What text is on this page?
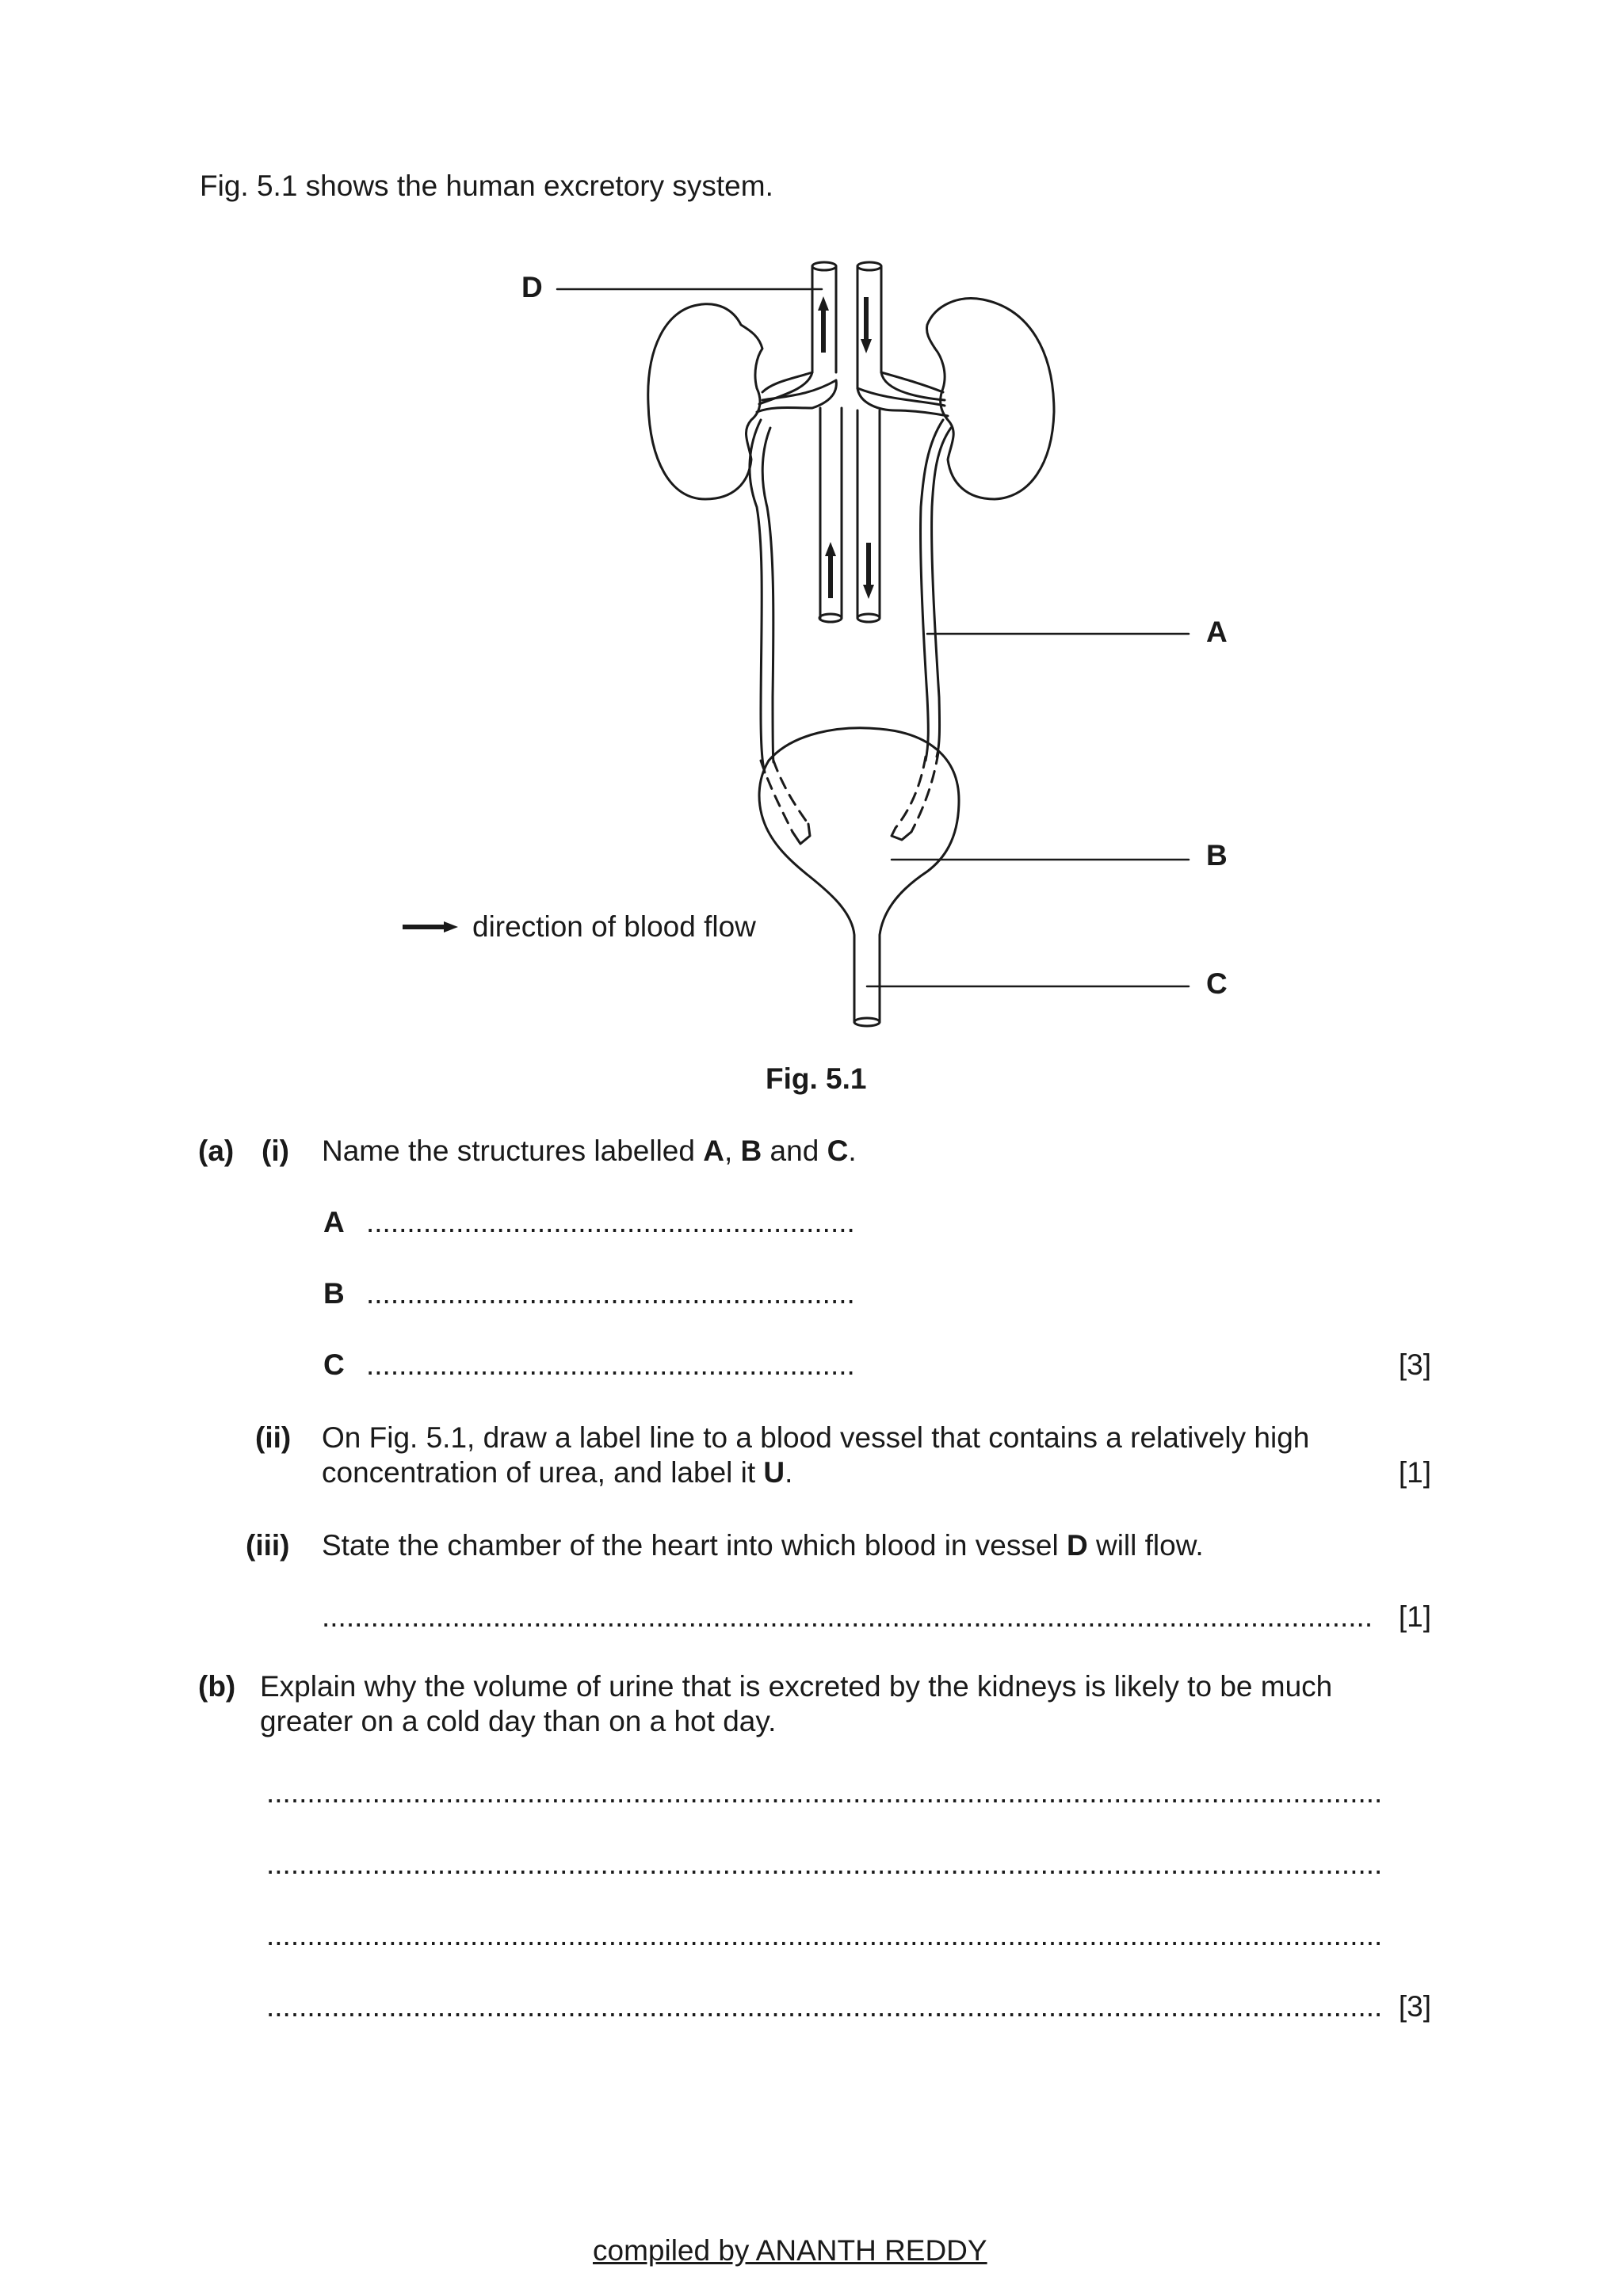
Fig. 5.1 shows the human excretory system.
D
A
B
C
direction of blood flow
Fig. 5.1
(a) (i) Name the structures labelled A, B and C.
A ............................................................
B ............................................................
C ............................................................	[3]
(ii) On Fig. 5.1, draw a label line to a blood vessel that contains a relatively high
concentration of urea, and label it U.	[1]
(iii) State the chamber of the heart into which blood in vessel D will flow.
................................................................................................................................. [1]
(b) Explain why the volume of urine that is excreted by the kidneys is likely to be much
greater on a cold day than on a hot day.
.........................................................................................................................................
.........................................................................................................................................
.........................................................................................................................................
......................................................................................................................................... [3]
compiled by ANANTH REDDY
